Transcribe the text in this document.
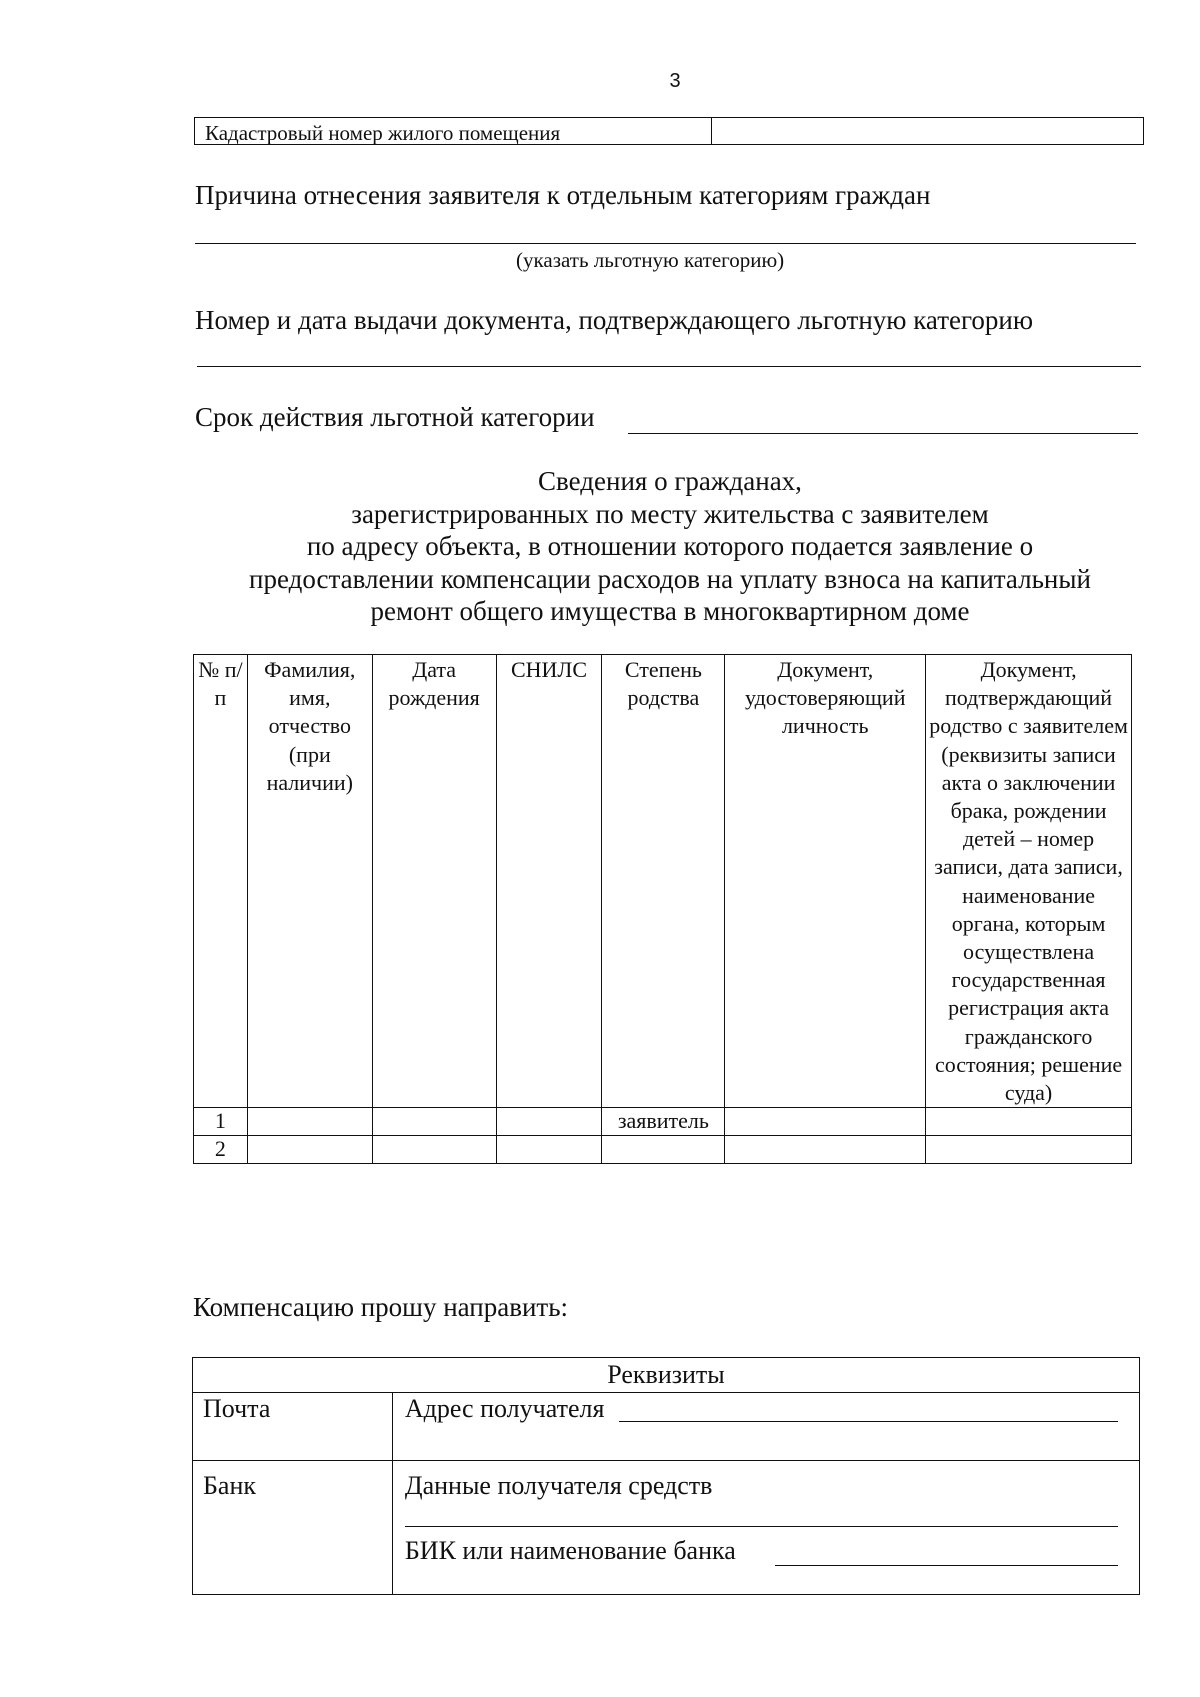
3
Кадастровый номер жилого помещения
Причина отнесения заявителя к отдельным категориям граждан
(указать льготную категорию)
Номер и дата выдачи документа, подтверждающего льготную категорию
Срок действия льготной категории
Сведения о гражданах,
зарегистрированных по месту жительства с заявителем
по адресу объекта, в отношении которого подается заявление о
предоставлении компенсации расходов на уплату взноса на капитальный
ремонт общего имущества в многоквартирном доме
№ п/п	Фамилия, имя, отчество (при наличии)	Дата рождения	СНИЛС	Степень родства	Документ, удостоверяющий личность	Документ, подтверждающий родство с заявителем (реквизиты записи акта о заключении брака, рождении детей – номер записи, дата записи, наименование органа, которым осуществлена государственная регистрация акта гражданского состояния; решение суда)
1				заявитель		
2						
Компенсацию прошу направить:
Реквизиты	
Почта	Адрес получателя

Банк	Данные получателя средств
БИК или наименование банка
